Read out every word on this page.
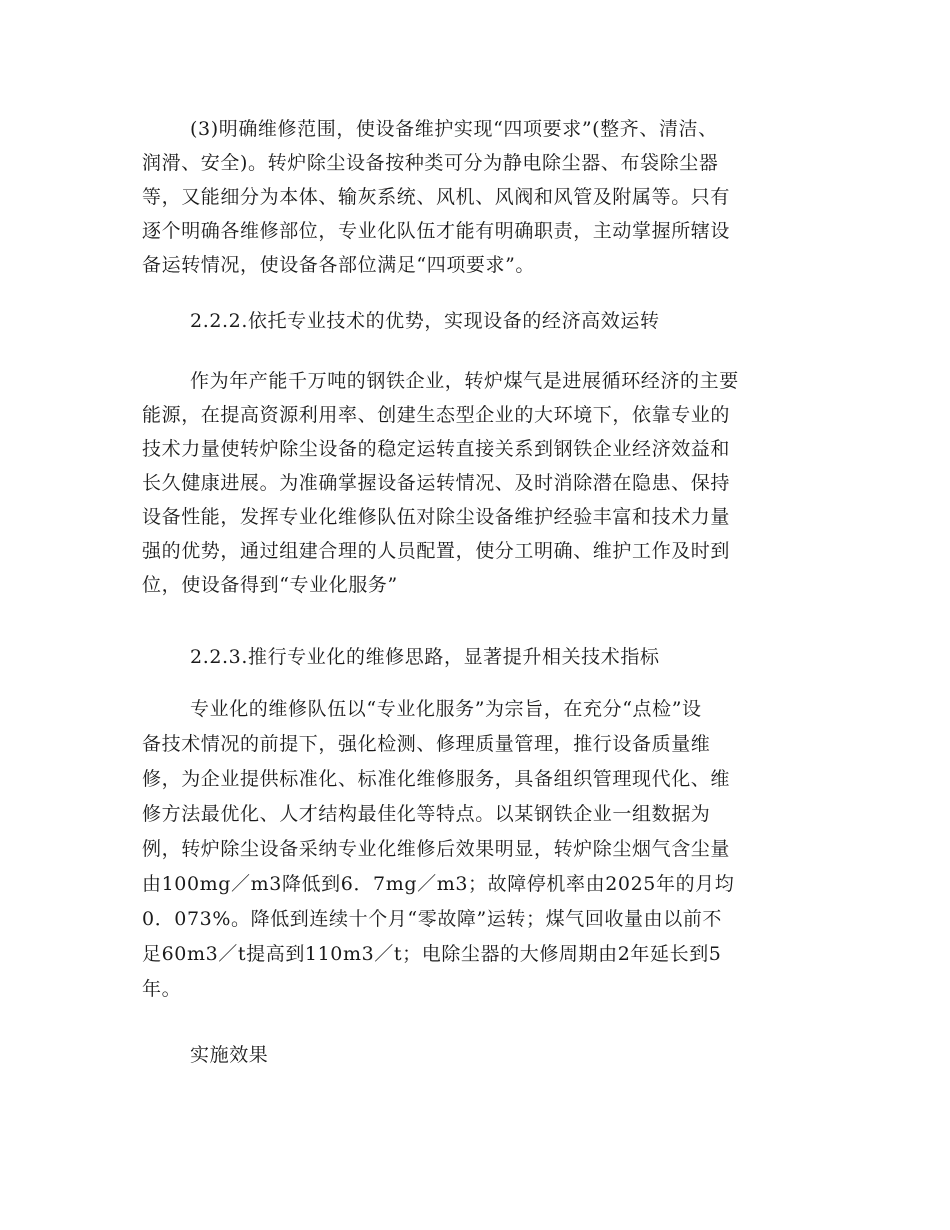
(3)明确维修范围，使设备维护实现“四项要求”(整齐、清洁、
润滑、安全)。转炉除尘设备按种类可分为静电除尘器、布袋除尘器
等，又能细分为本体、输灰系统、风机、风阀和风管及附属等。只有
逐个明确各维修部位，专业化队伍才能有明确职责，主动掌握所辖设
备运转情况，使设备各部位满足“四项要求”。
2.2.2.依托专业技术的优势，实现设备的经济高效运转
作为年产能千万吨的钢铁企业，转炉煤气是进展循环经济的主要
能源，在提高资源利用率、创建生态型企业的大环境下，依靠专业的
技术力量使转炉除尘设备的稳定运转直接关系到钢铁企业经济效益和
长久健康进展。为准确掌握设备运转情况、及时消除潜在隐患、保持
设备性能，发挥专业化维修队伍对除尘设备维护经验丰富和技术力量
强的优势，通过组建合理的人员配置，使分工明确、维护工作及时到
位，使设备得到“专业化服务”
2.2.3.推行专业化的维修思路，显著提升相关技术指标
专业化的维修队伍以“专业化服务”为宗旨，在充分“点检”设
备技术情况的前提下，强化检测、修理质量管理，推行设备质量维
修，为企业提供标准化、标准化维修服务，具备组织管理现代化、维
修方法最优化、人才结构最佳化等特点。以某钢铁企业一组数据为
例，转炉除尘设备采纳专业化维修后效果明显，转炉除尘烟气含尘量
由100mg／m3降低到6．7mg／m3；故障停机率由2025年的月均
0．073%。降低到连续十个月“零故障”运转；煤气回收量由以前不
足60m3／t提高到110m3／t；电除尘器的大修周期由2年延长到5
年。
实施效果
